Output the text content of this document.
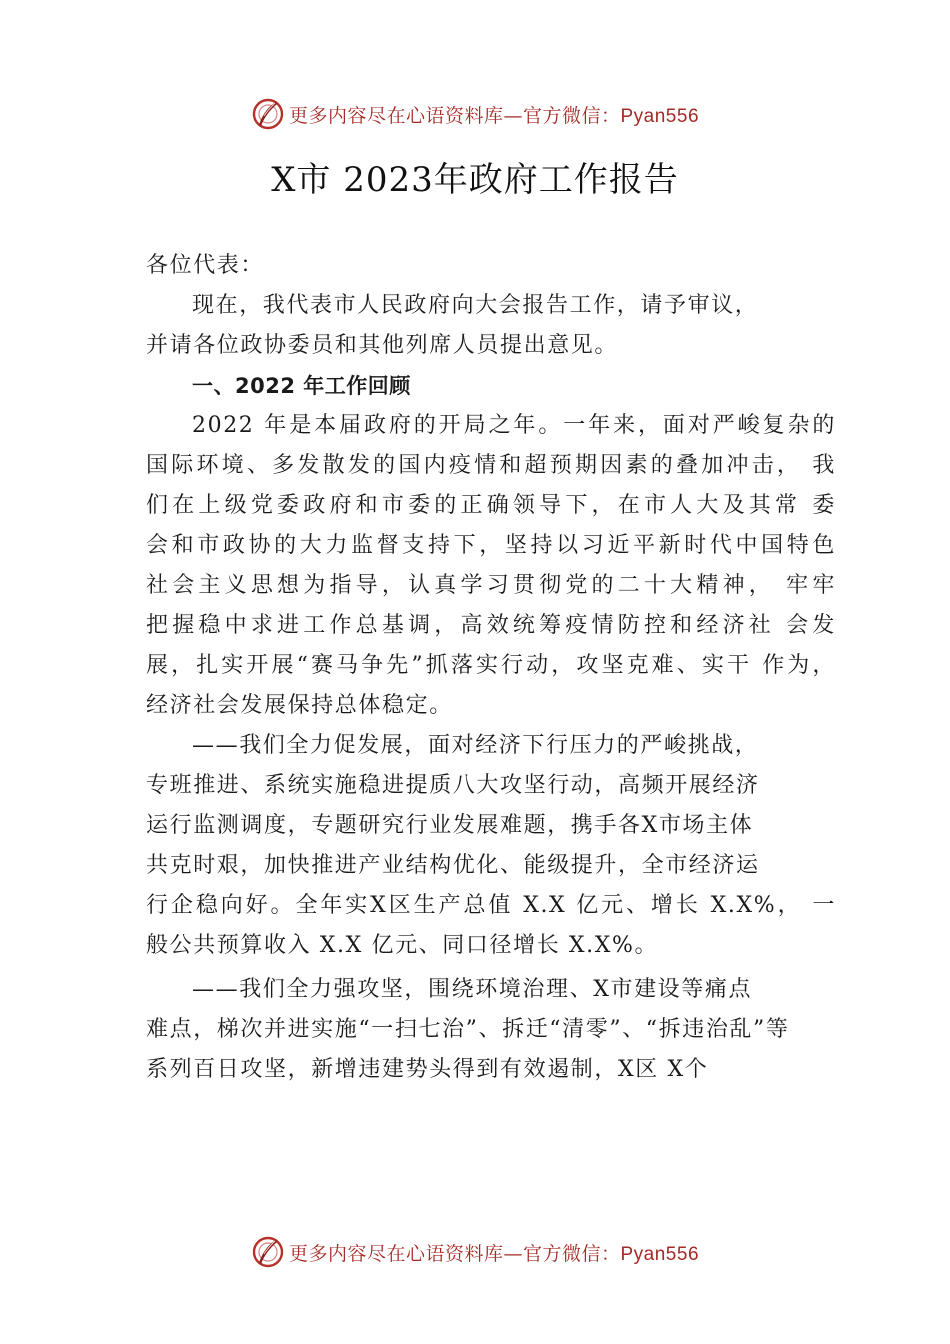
更多内容尽在心语资料库—官方微信：Pyan556
X市 2023年政府工作报告
各位代表：
现在，我代表市人民政府向大会报告工作，请予审议，
并请各位政协委员和其他列席人员提出意见。
一、2022 年工作回顾
2022 年是本届政府的开局之年。一年来，面对严峻复杂的
国际环境、多发散发的国内疫情和超预期因素的叠加冲击， 我
们在上级党委政府和市委的正确领导下，在市人大及其常 委
会和市政协的大力监督支持下，坚持以习近平新时代中国特色
社会主义思想为指导，认真学习贯彻党的二十大精神， 牢牢
把握稳中求进工作总基调，高效统筹疫情防控和经济社 会发
展，扎实开展“赛马争先”抓落实行动，攻坚克难、实干 作为，
经济社会发展保持总体稳定。
——我们全力促发展，面对经济下行压力的严峻挑战，
专班推进、系统实施稳进提质八大攻坚行动，高频开展经济
运行监测调度，专题研究行业发展难题，携手各X市场主体
共克时艰，加快推进产业结构优化、能级提升，全市经济运
行企稳向好。全年实X区生产总值 X.X 亿元、增长 X.X%， 一
般公共预算收入 X.X 亿元、同口径增长 X.X%。
——我们全力强攻坚，围绕环境治理、X市建设等痛点
难点，梯次并进实施“一扫七治”、拆迁“清零”、“拆违治乱”等
系列百日攻坚，新增违建势头得到有效遏制，X区 X个
更多内容尽在心语资料库—官方微信：Pyan556
